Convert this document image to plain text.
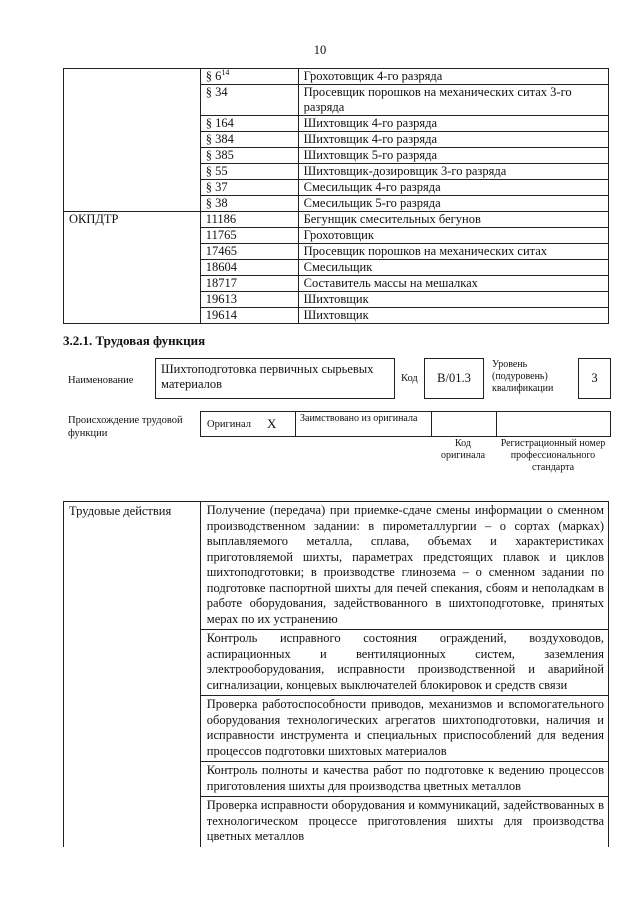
10
	§ $6^{14}$	Грохотовщик 4-го разряда
	§ 34	Просевщик порошков на механических ситах 3-го разряда
	§ 164	Шихтовщик 4-го разряда
	§ 384	Шихтовщик 4-го разряда
	§ 385	Шихтовщик 5-го разряда
	§ 55	Шихтовщик-дозировщик 3-го разряда
	§ 37	Смесильщик 4-го разряда
	§ 38	Смесильщик 5-го разряда
ОКПДТР	11186	Бегунщик смесительных бегунов
	11765	Грохотовщик
	17465	Просевщик порошков на механических ситах
	18604	Смесильщик
	18717	Составитель массы на мешалках
	19613	Шихтовщик
	19614	Шихтовщик
3.2.1. Трудовая функция
Наименование
Шихтоподготовка первичных сырьевых материалов	Код	B/01.3
Уровень (подуровень) квалификации
3
Происхождение трудовой функции
Оригинал X	Заимствовано из оригинала
Код оригинала
Регистрационный номер профессионального стандарта
Трудовые действия	Получение (передача) при приемке-сдаче смены информации о сменном производственном задании: в пирометаллургии – о сортах (марках) выплавляемого металла, сплава, объемах и характеристиках приготовляемой шихты, параметрах предстоящих плавок и циклов шихтоподготовки; в производстве глинозема – о сменном задании по подготовке паспортной шихты для печей спекания, сбоям и неполадкам в работе оборудования, задействованного в шихтоподготовке, принятых мерах по их устранению
	Контроль исправного состояния ограждений, воздуховодов, аспирационных и вентиляционных систем, заземления электрооборудования, исправности производственной и аварийной сигнализации, концевых выключателей блокировок и средств связи
	Проверка работоспособности приводов, механизмов и вспомогательного оборудования технологических агрегатов шихтоподготовки, наличия и исправности инструмента и специальных приспособлений для ведения процессов подготовки шихтовых материалов
	Контроль полноты и качества работ по подготовке к ведению процессов приготовления шихты для производства цветных металлов
	Проверка исправности оборудования и коммуникаций, задействованных в технологическом процессе приготовления шихты для производства цветных металлов
